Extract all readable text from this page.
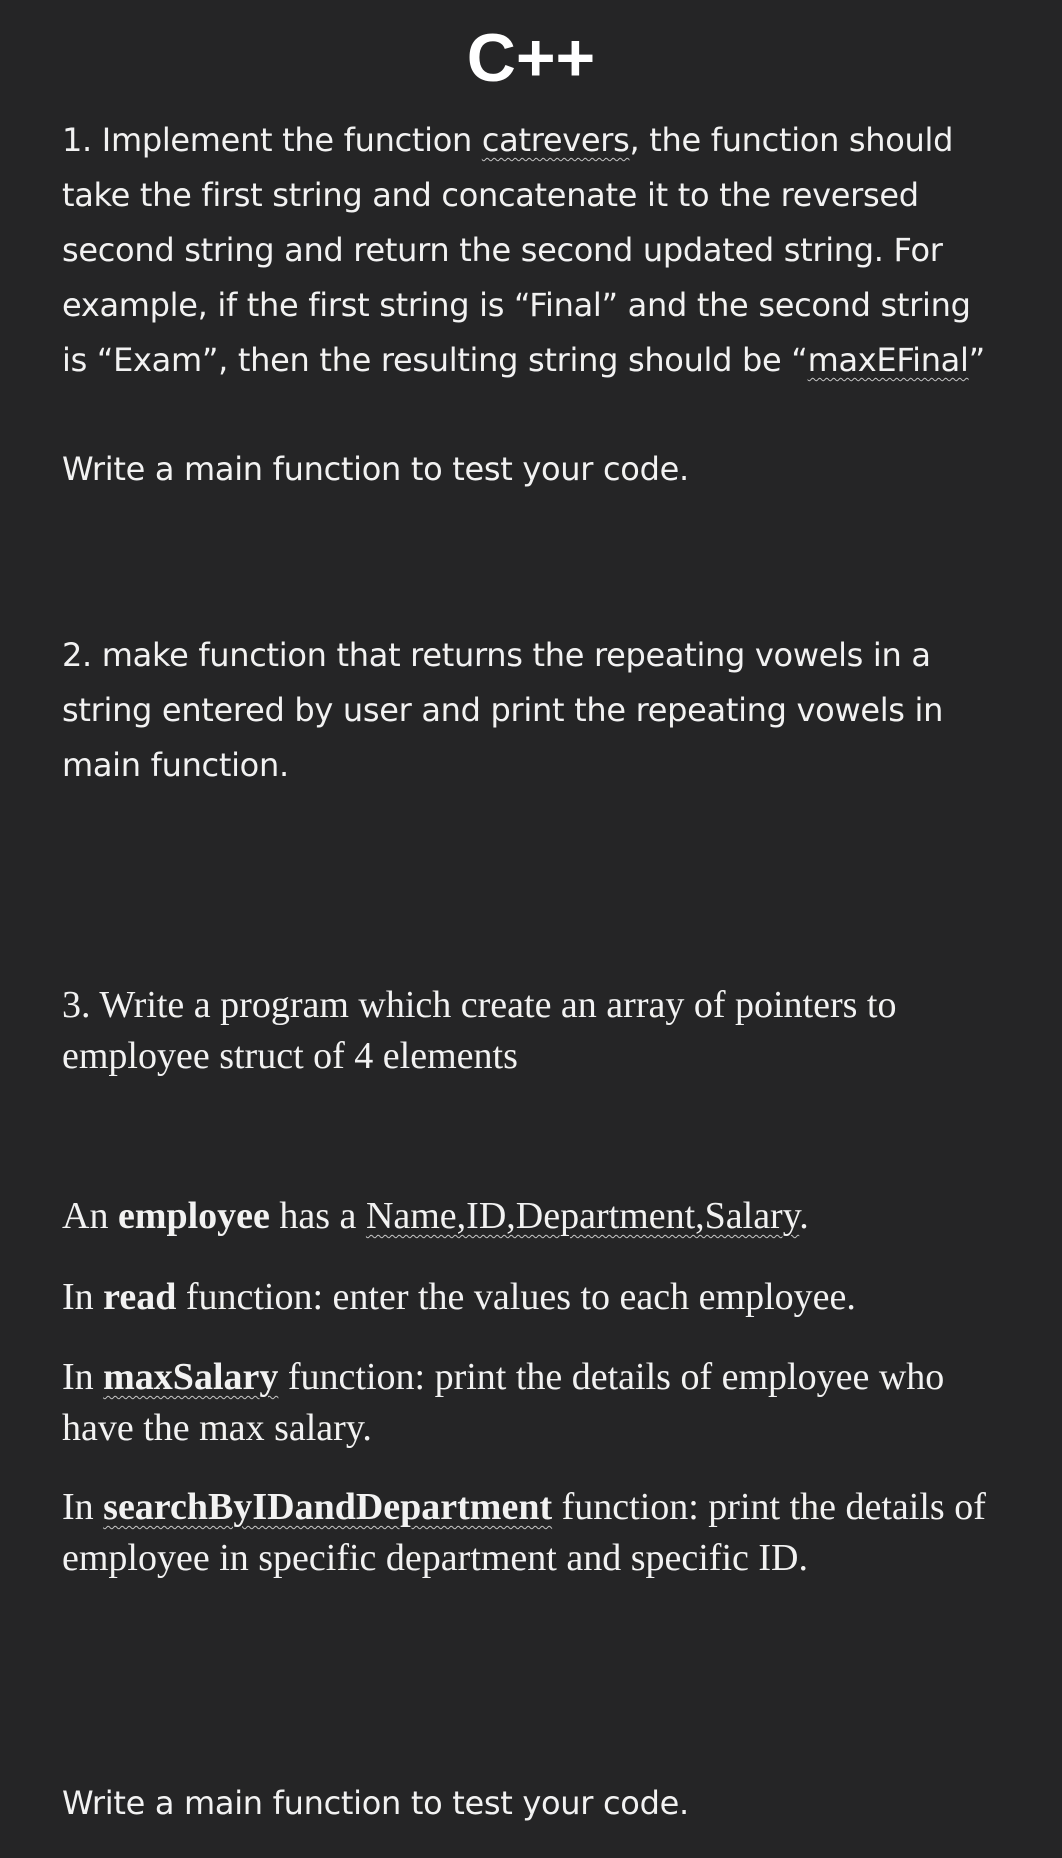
C++

1. Implement the function catrevers, the function should take the first string and concatenate it to the reversed second string and return the second updated string. For example, if the first string is “Final” and the second string is “Exam”, then the resulting string should be “maxEFinal”

Write a main function to test your code.

2. make function that returns the repeating vowels in a string entered by user and print the repeating vowels in main function.

3. Write a program which create an array of pointers to employee struct of 4 elements

An employee has a Name,ID,Department,Salary.

In read function: enter the values to each employee.

In maxSalary function: print the details of employee who have the max salary.

In searchByIDandDepartment function: print the details of employee in specific department and specific ID.

Write a main function to test your code.
